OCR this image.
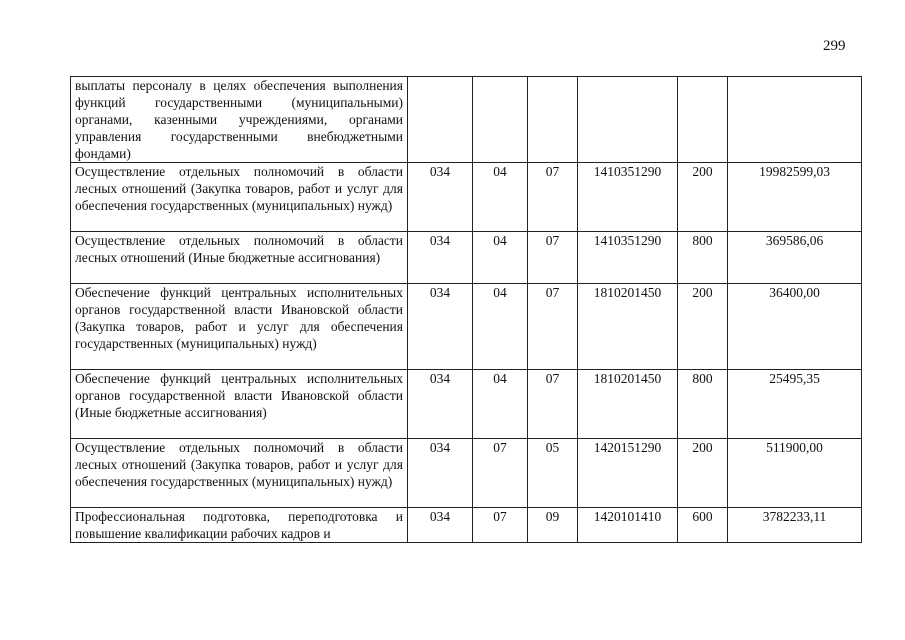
299
выплаты персоналу в целях обеспечения выполнения функций государственными (муниципальными) органами, казенными учреждениями, органами управления государственными внебюджетными фондами)						
Осуществление отдельных полномочий в области лесных отношений (Закупка товаров, работ и услуг для обеспечения государственных (муниципальных) нужд)	034	04	07	1410351290	200	19982599,03
Осуществление отдельных полномочий в области лесных отношений (Иные бюджетные ассигнования)	034	04	07	1410351290	800	369586,06
Обеспечение функций центральных исполнительных органов государственной власти Ивановской области (Закупка товаров, работ и услуг для обеспечения государственных (муниципальных) нужд)	034	04	07	1810201450	200	36400,00
Обеспечение функций центральных исполнительных органов государственной власти Ивановской области (Иные бюджетные ассигнования)	034	04	07	1810201450	800	25495,35
Осуществление отдельных полномочий в области лесных отношений (Закупка товаров, работ и услуг для обеспечения государственных (муниципальных) нужд)	034	07	05	1420151290	200	511900,00

Профессиональная подготовка, переподготовка и повышение квалификации рабочих кадров и	034	07	09	1420101410	600	3782233,11
